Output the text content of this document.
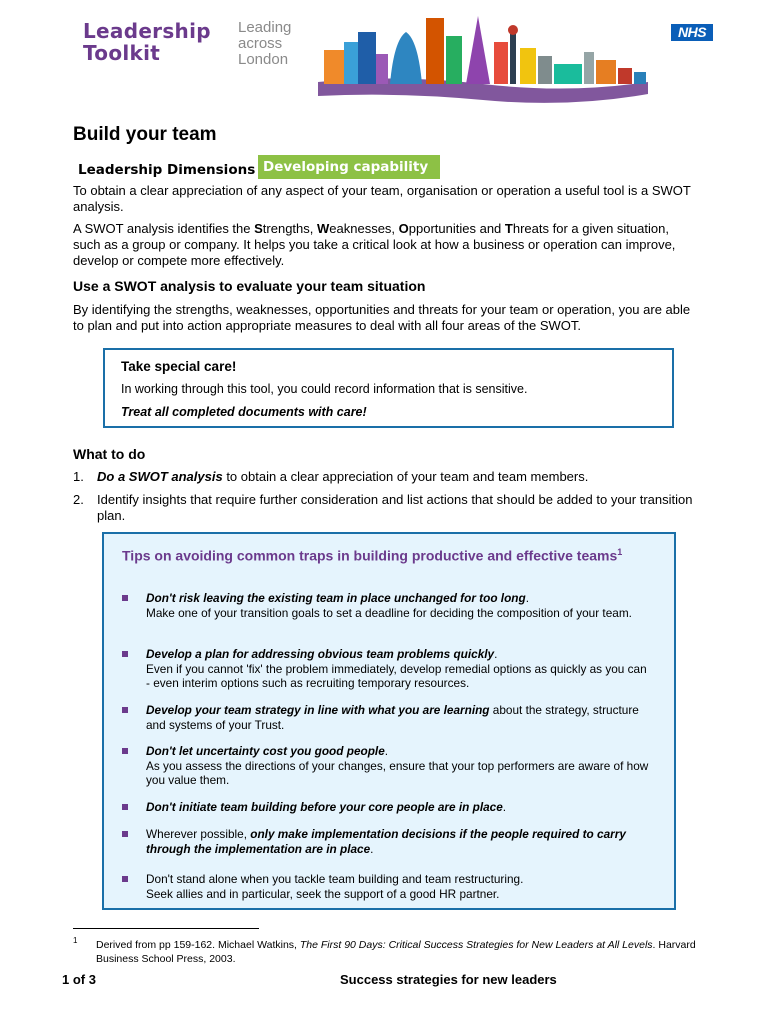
Leadership
Toolkit
Leading
across
London
NHS
Build your team
Leadership Dimensions Developing capability
To obtain a clear appreciation of any aspect of your team, organisation or operation a useful tool is a SWOT analysis.
A SWOT analysis identifies the Strengths, Weaknesses, Opportunities and Threats for a given situation, such as a group or company. It helps you take a critical look at how a business or operation can improve, develop or compete more effectively.
Use a SWOT analysis to evaluate your team situation
By identifying the strengths, weaknesses, opportunities and threats for your team or operation, you are able to plan and put into action appropriate measures to deal with all four areas of the SWOT.
Take special care!
In working through this tool, you could record information that is sensitive.
Treat all completed documents with care!
What to do
1. Do a SWOT analysis to obtain a clear appreciation of your team and team members.
2. Identify insights that require further consideration and list actions that should be added to your transition plan.
Tips on avoiding common traps in building productive and effective teams$^1$
Don't risk leaving the existing team in place unchanged for too long.
Make one of your transition goals to set a deadline for deciding the composition of your team.
Develop a plan for addressing obvious team problems quickly.
Even if you cannot 'fix' the problem immediately, develop remedial options as quickly as you can - even interim options such as recruiting temporary resources.
Develop your team strategy in line with what you are learning about the strategy, structure and systems of your Trust.
Don't let uncertainty cost you good people.
As you assess the directions of your changes, ensure that your top performers are aware of how you value them.
Don't initiate team building before your core people are in place.
Wherever possible, only make implementation decisions if the people required to carry through the implementation are in place.
Don't stand alone when you tackle team building and team restructuring.
Seek allies and in particular, seek the support of a good HR partner.
1 Derived from pp 159-162. Michael Watkins, The First 90 Days: Critical Success Strategies for New Leaders at All Levels. Harvard Business School Press, 2003.
1 of 3	Success strategies for new leaders
